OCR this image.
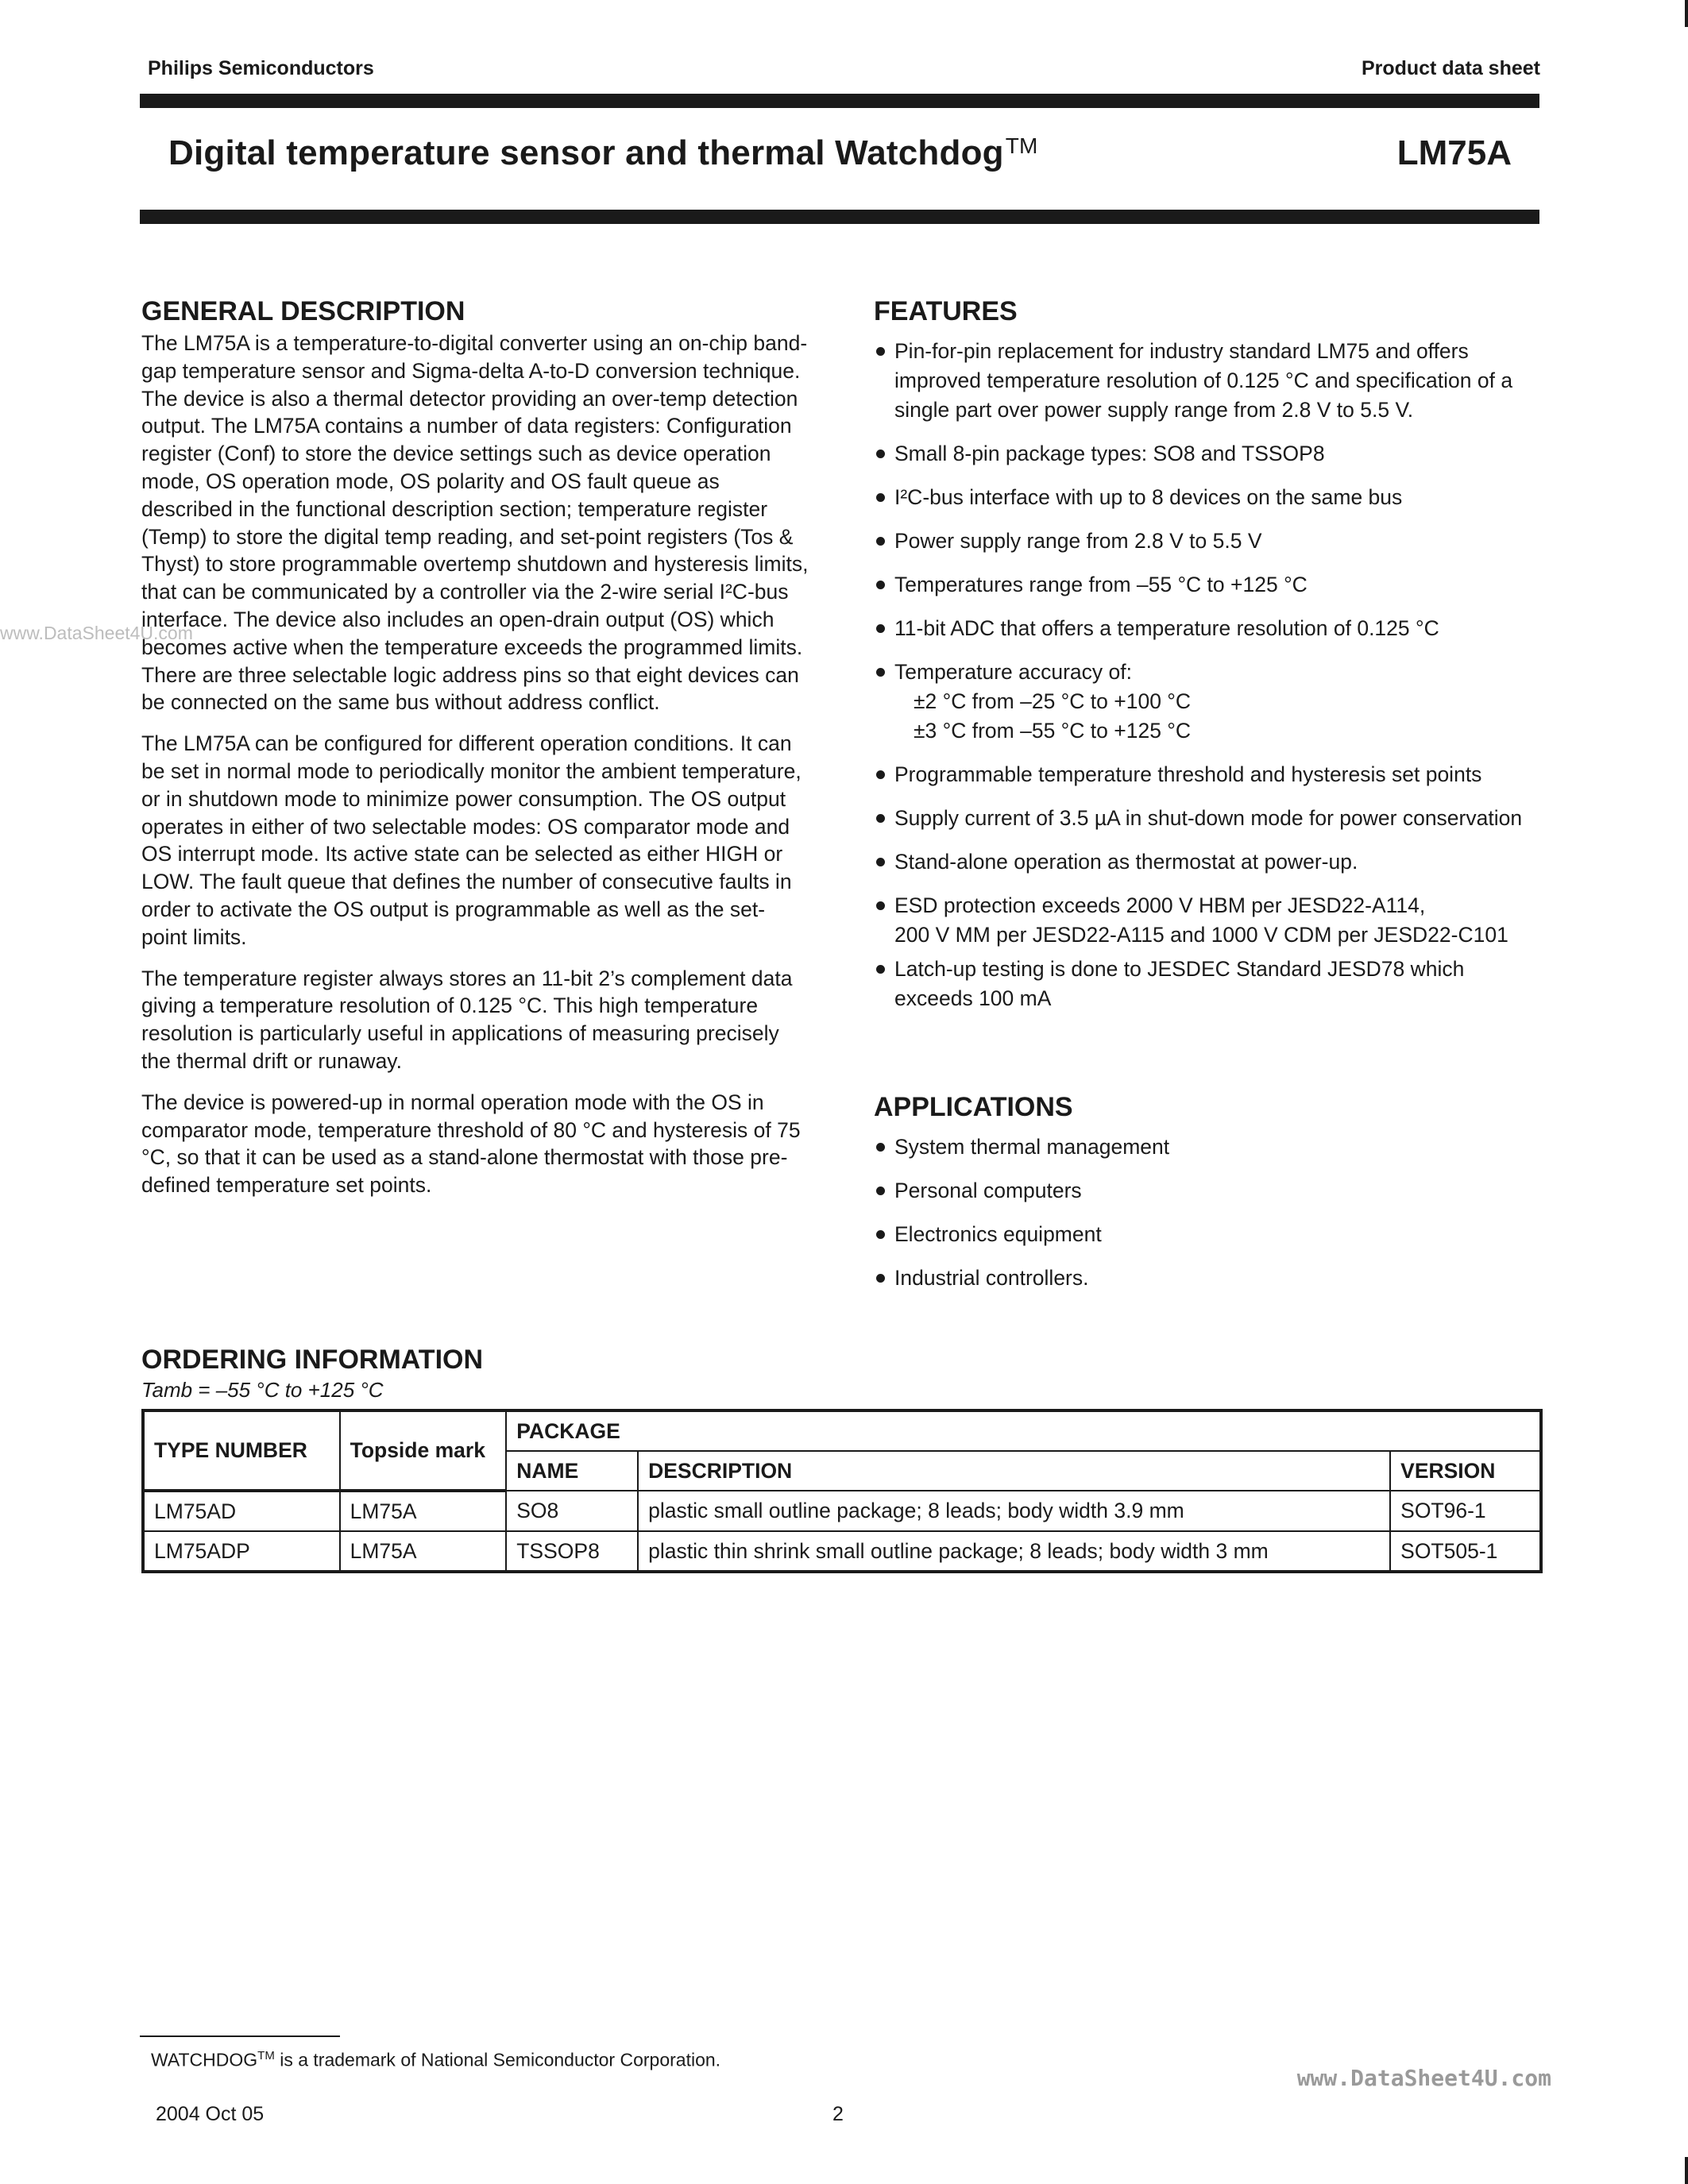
Philips Semiconductors	Product data sheet
Digital temperature sensor and thermal Watchdog™	LM75A
www.DataSheet4U.com
GENERAL DESCRIPTION

The LM75A is a temperature-to-digital converter using an on-chip band-gap temperature sensor and Sigma-delta A-to-D conversion technique. The device is also a thermal detector providing an over-temp detection output. The LM75A contains a number of data registers: Configuration register (Conf) to store the device settings such as device operation mode, OS operation mode, OS polarity and OS fault queue as described in the functional description section; temperature register (Temp) to store the digital temp reading, and set-point registers (Tos & Thyst) to store programmable overtemp shutdown and hysteresis limits, that can be communicated by a controller via the 2-wire serial I²C-bus interface. The device also includes an open-drain output (OS) which becomes active when the temperature exceeds the programmed limits. There are three selectable logic address pins so that eight devices can be connected on the same bus without address conflict.

The LM75A can be configured for different operation conditions. It can be set in normal mode to periodically monitor the ambient temperature, or in shutdown mode to minimize power consumption. The OS output operates in either of two selectable modes: OS comparator mode and OS interrupt mode. Its active state can be selected as either HIGH or LOW. The fault queue that defines the number of consecutive faults in order to activate the OS output is programmable as well as the set-point limits.

The temperature register always stores an 11-bit 2’s complement data giving a temperature resolution of 0.125 °C. This high temperature resolution is particularly useful in applications of measuring precisely the thermal drift or runaway.

The device is powered-up in normal operation mode with the OS in comparator mode, temperature threshold of 80 °C and hysteresis of 75 °C, so that it can be used as a stand-alone thermostat with those pre-defined temperature set points.

FEATURES
Pin-for-pin replacement for industry standard LM75 and offers improved temperature resolution of 0.125 °C and specification of a single part over power supply range from 2.8 V to 5.5 V.
Small 8-pin package types: SO8 and TSSOP8
I²C-bus interface with up to 8 devices on the same bus
Power supply range from 2.8 V to 5.5 V
Temperatures range from –55 °C to +125 °C
11-bit ADC that offers a temperature resolution of 0.125 °C
Temperature accuracy of:
±2 °C from –25 °C to +100 °C
±3 °C from –55 °C to +125 °C
Programmable temperature threshold and hysteresis set points
Supply current of 3.5 µA in shut-down mode for power conservation
Stand-alone operation as thermostat at power-up.
ESD protection exceeds 2000 V HBM per JESD22-A114,
200 V MM per JESD22-A115 and 1000 V CDM per JESD22-C101
Latch-up testing is done to JESDEC Standard JESD78 which exceeds 100 mA
APPLICATIONS
System thermal management
Personal computers
Electronics equipment
Industrial controllers.
ORDERING INFORMATION
Tamb = –55 °C to +125 °C
TYPE NUMBER	Topside mark	PACKAGE		
		NAME	DESCRIPTION	VERSION
LM75AD	LM75A	SO8	plastic small outline package; 8 leads; body width 3.9 mm	SOT96-1
LM75ADP	LM75A	TSSOP8	plastic thin shrink small outline package; 8 leads; body width 3 mm	SOT505-1
WATCHDOG™ is a trademark of National Semiconductor Corporation.
www.DataSheet4U.com
2004 Oct 05	2
